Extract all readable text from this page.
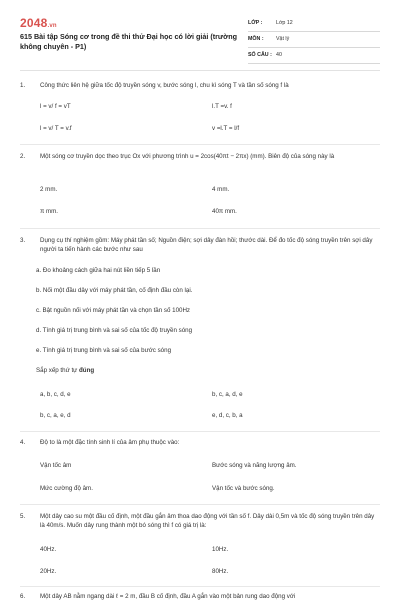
2048.vn
615 Bài tập Sóng cơ trong đề thi thử Đại học có lời giải (trường không chuyên - P1)
LỚP :	Lớp 12
MÔN : Vật lý
SỐ CÂU : 40
1.	Công thức liên hệ giữa tốc độ truyền sóng v, bước sóng l, chu kì sóng T và tần số sóng f là
l = v/ f = vT	l.T =v. f
l = v/ T = v.f	v =l.T = l/f
2.	Một sóng cơ truyền dọc theo trục Ox với phương trình u = 2cos(40πt − 2πx) (mm). Biên độ của sóng này là
2 mm.	4 mm.
π mm.	40π mm.
3.	Dụng cụ thí nghiệm gồm: Máy phát tần số; Nguồn điện; sợi dây đàn hồi; thước dài. Để đo tốc độ sóng truyền trên sợi dây người ta tiến hành các bước như sau
a. Đo khoảng cách giữa hai nút liền tiếp 5 lần
b. Nối một đầu dây với máy phát tần, cố định đầu còn lại.
c. Bật nguồn nối với máy phát tần và chọn tần số 100Hz
d. Tính giá trị trung bình và sai số của tốc độ truyền sóng
e. Tính giá trị trung bình và sai số của bước sóng
Sắp xếp thứ tự đúng
a, b, c, d, e	b, c, a, d, e
b, c, a, e, d	e, d, c, b, a
4.	Độ to là một đặc tính sinh lí của âm phụ thuộc vào:
Vận tốc âm	Bước sóng và năng lượng âm.
Mức cường độ âm.	Vận tốc và bước sóng.
5.	Một dây cao su một đầu cố định, một đầu gắn âm thoa dao động với tần số f. Dây dài 0,5m và tốc độ sóng truyền trên dây là 40m/s. Muốn dây rung thành một bó sóng thì f có giá trị là:
40Hz.	10Hz.
20Hz.	80Hz.
6.	Một dây AB nằm ngang dài ℓ = 2 m, đầu B cố định, đầu A gắn vào một bản rung dao động với
